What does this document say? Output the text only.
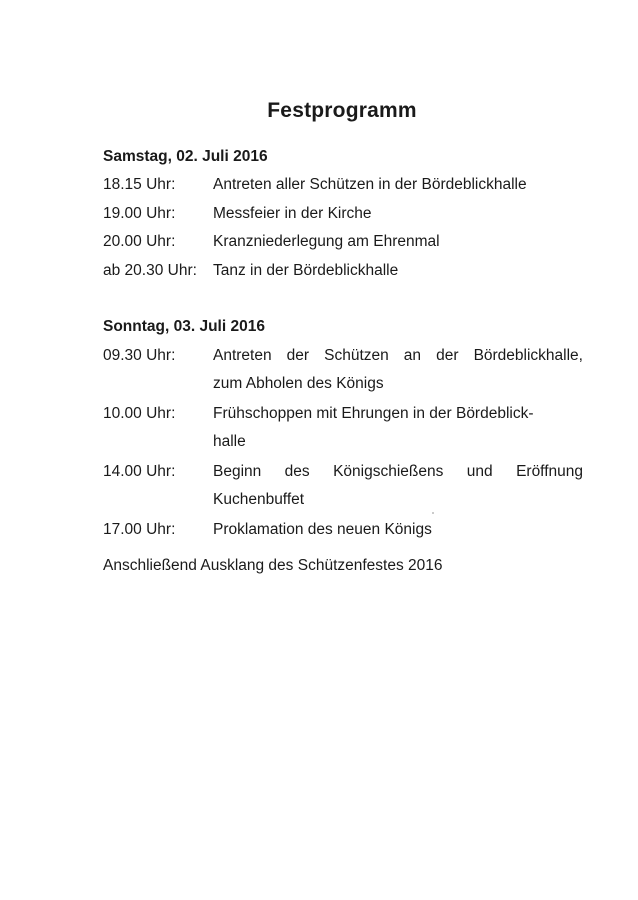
Festprogramm
Samstag, 02. Juli 2016
18.15 Uhr: Antreten aller Schützen in der Bördeblickhalle
19.00 Uhr: Messfeier in der Kirche
20.00 Uhr: Kranzniederlegung am Ehrenmal
ab 20.30 Uhr: Tanz in der Bördeblickhalle
Sonntag, 03. Juli 2016
09.30 Uhr: Antreten der Schützen an der Bördeblickhalle,
zum Abholen des Königs
10.00 Uhr: Frühschoppen mit Ehrungen in der Bördeblick-
halle
14.00 Uhr: Beginn des Königschießens und Eröffnung
Kuchenbuffet
17.00 Uhr: Proklamation des neuen Königs
Anschließend Ausklang des Schützenfestes 2016
